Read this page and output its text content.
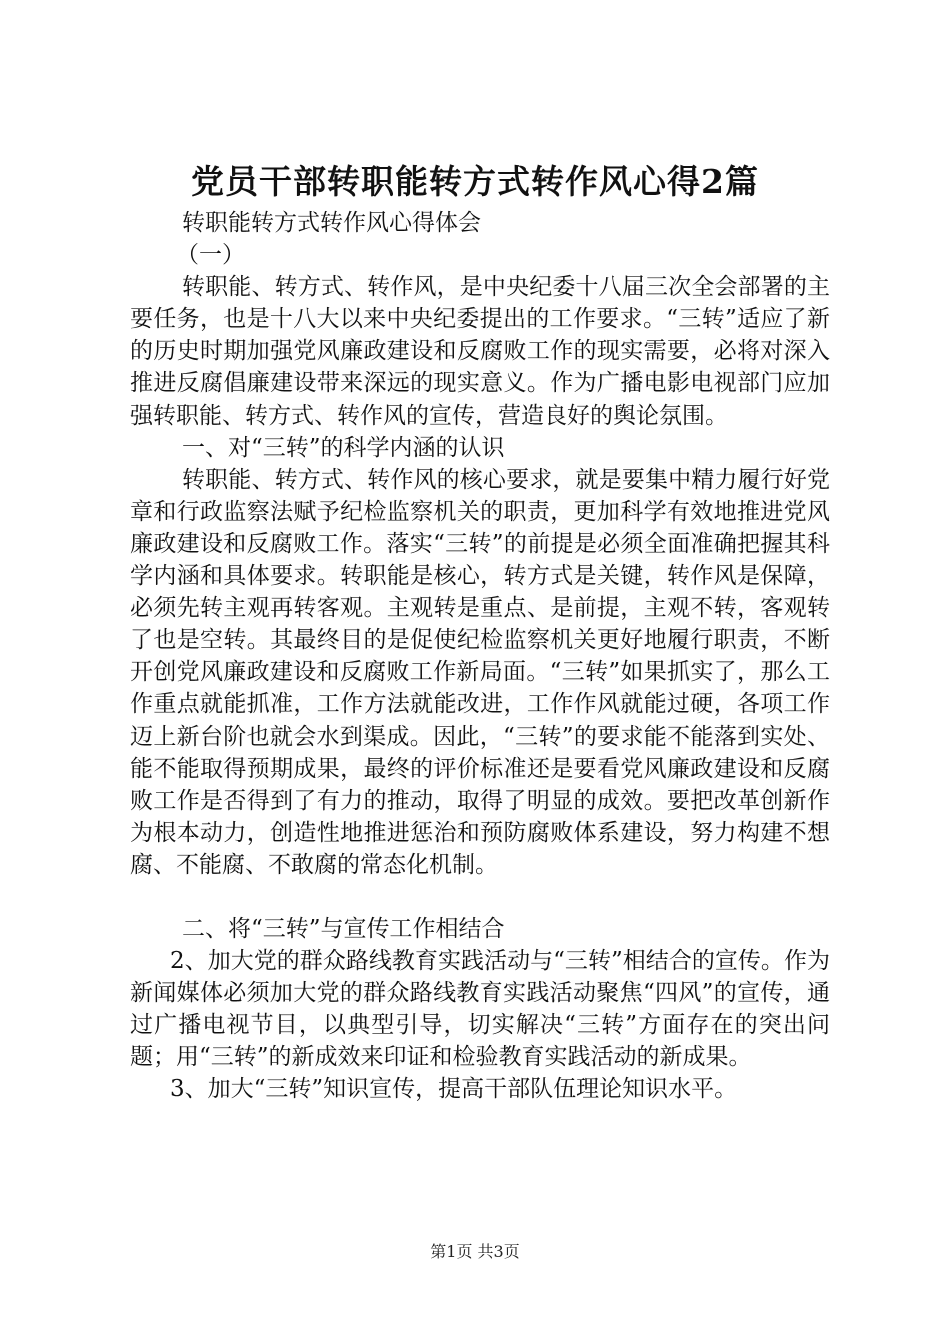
党员干部转职能转方式转作风心得2篇

转职能转方式转作风心得体会

（一）

转职能、转方式、转作风，是中央纪委十八届三次全会部署的主要任务，也是十八大以来中央纪委提出的工作要求。“三转”适应了新的历史时期加强党风廉政建设和反腐败工作的现实需要，必将对深入推进反腐倡廉建设带来深远的现实意义。作为广播电影电视部门应加强转职能、转方式、转作风的宣传，营造良好的舆论氛围。

一、对“三转”的科学内涵的认识

转职能、转方式、转作风的核心要求，就是要集中精力履行好党章和行政监察法赋予纪检监察机关的职责，更加科学有效地推进党风廉政建设和反腐败工作。落实“三转”的前提是必须全面准确把握其科学内涵和具体要求。转职能是核心，转方式是关键，转作风是保障，必须先转主观再转客观。主观转是重点、是前提，主观不转，客观转了也是空转。其最终目的是促使纪检监察机关更好地履行职责，不断开创党风廉政建设和反腐败工作新局面。“三转”如果抓实了，那么工作重点就能抓准，工作方法就能改进，工作作风就能过硬，各项工作迈上新台阶也就会水到渠成。因此，“三转”的要求能不能落到实处、能不能取得预期成果，最终的评价标准还是要看党风廉政建设和反腐败工作是否得到了有力的推动，取得了明显的成效。要把改革创新作为根本动力，创造性地推进惩治和预防腐败体系建设，努力构建不想腐、不能腐、不敢腐的常态化机制。

二、将“三转”与宣传工作相结合

2、加大党的群众路线教育实践活动与“三转”相结合的宣传。作为新闻媒体必须加大党的群众路线教育实践活动聚焦“四风”的宣传，通过广播电视节目，以典型引导，切实解决“三转”方面存在的突出问题；用“三转”的新成效来印证和检验教育实践活动的新成果。

3、加大“三转”知识宣传，提高干部队伍理论知识水平。

第1页 共3页
